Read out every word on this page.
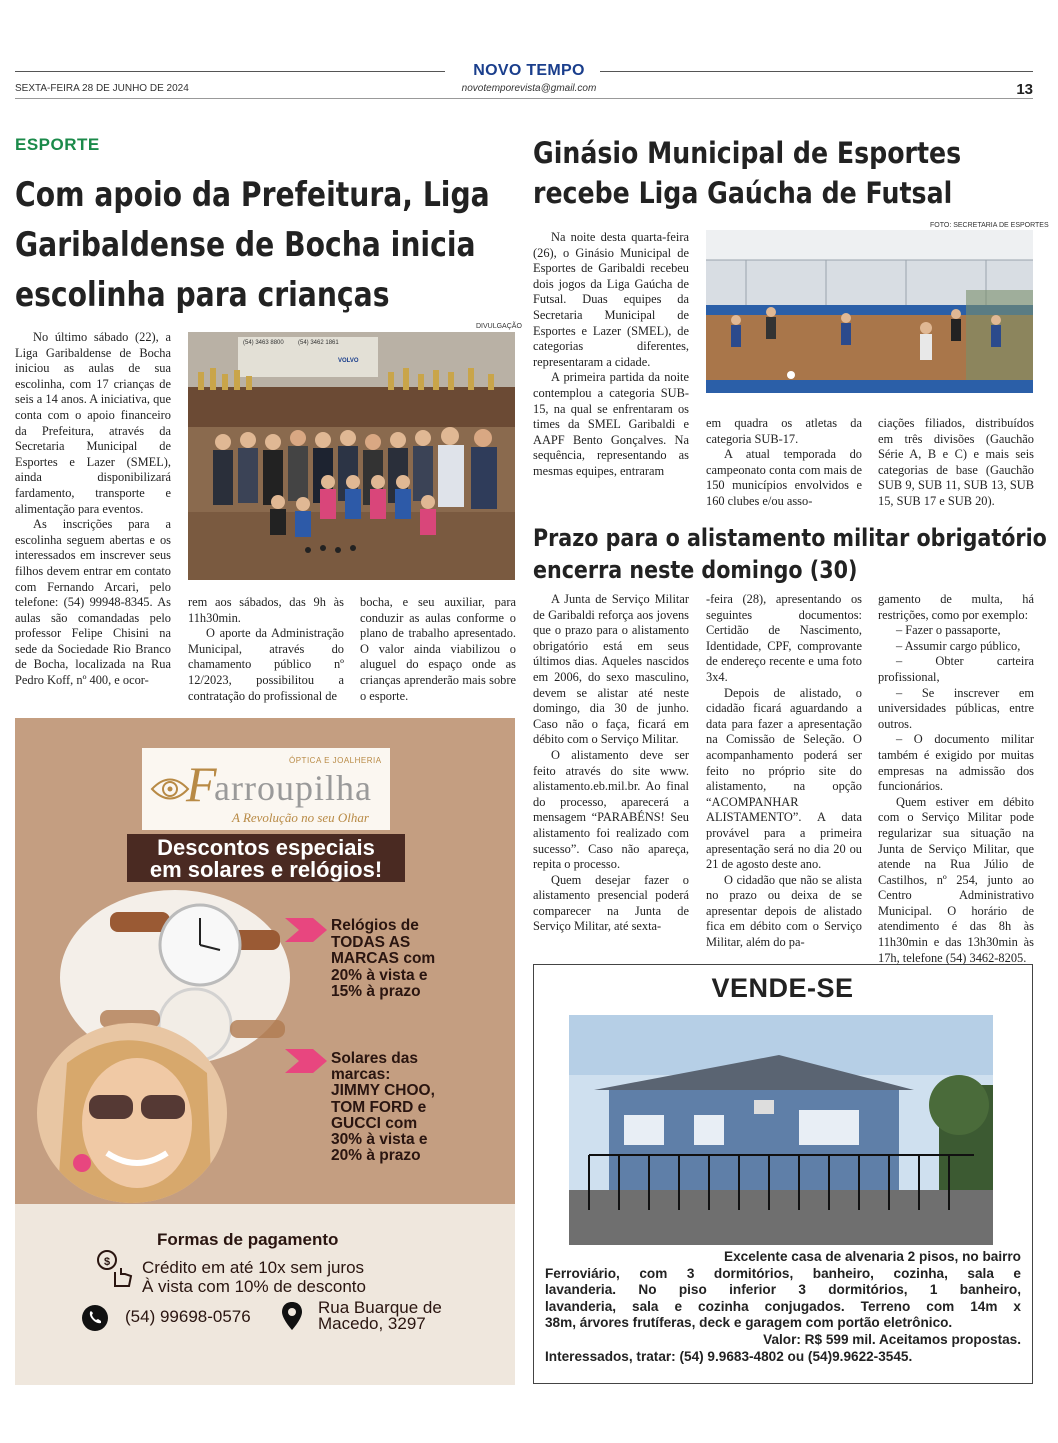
NOVO TEMPO
SEXTA-FEIRA 28 DE JUNHO DE 2024	novotemporevista@gmail.com	13
ESPORTE
Com apoio da Prefeitura, Liga
Garibaldense de Bocha inicia
escolinha para crianças
DIVULGAÇÃO
(54) 3463 8800 (54) 3462 1861
VOLVO

No último sábado (22), a Liga Garibaldense de Bocha iniciou as aulas de sua escolinha, com 17 crianças de seis a 14 anos. A iniciativa, que conta com o apoio financeiro da Prefeitura, através da Secretaria Municipal de Esportes e Lazer (SMEL), ainda disponibilizará fardamento, transporte e alimentação para eventos.

As inscrições para a escolinha seguem abertas e os interessados em inscrever seus filhos devem entrar em contato com Fernando Arcari, pelo telefone: (54) 99948-8345. As aulas são comandadas pelo professor Felipe Chisini na sede da Sociedade Rio Branco de Bocha, localizada na Rua Pedro Koff, nº 400, e ocor-

rem aos sábados, das 9h às 11h30min.

O aporte da Administração Municipal, através do chamamento público nº 12/2023, possibilitou a contratação do profissional de

bocha, e seu auxiliar, para conduzir as aulas conforme o plano de trabalho apresentado. O valor ainda viabilizou o aluguel do espaço onde as crianças aprenderão mais sobre o esporte.

Ginásio Municipal de Esportes
recebe Liga Gaúcha de Futsal
FOTO: SECRETARIA DE ESPORTES

Na noite desta quarta-feira (26), o Ginásio Municipal de Esportes de Garibaldi recebeu dois jogos da Liga Gaúcha de Futsal. Duas equipes da Secretaria Municipal de Esportes e Lazer (SMEL), de categorias diferentes, representaram a cidade.

A primeira partida da noite contemplou a categoria SUB-15, na qual se enfrentaram os times da SMEL Garibaldi e AAPF Bento Gonçalves. Na sequência, representando as mesmas equipes, entraram

em quadra os atletas da categoria SUB-17.

A atual temporada do campeonato conta com mais de 150 municípios envolvidos e 160 clubes e/ou asso-

ciações filiados, distribuídos em três divisões (Gauchão Série A, B e C) e mais seis categorias de base (Gauchão SUB 9, SUB 11, SUB 13, SUB 15, SUB 17 e SUB 20).

Prazo para o alistamento militar obrigatório
encerra neste domingo (30)

A Junta de Serviço Militar de Garibaldi reforça aos jovens que o prazo para o alistamento obrigatório está em seus últimos dias. Aqueles nascidos em 2006, do sexo masculino, devem se alistar até neste domingo, dia 30 de junho. Caso não o faça, ficará em débito com o Serviço Militar.

O alistamento deve ser feito através do site www. alistamento.eb.mil.br. Ao final do processo, aparecerá a mensagem “PARABÉNS! Seu alistamento foi realizado com sucesso”. Caso não apareça, repita o processo.

Quem desejar fazer o alistamento presencial poderá comparecer na Junta de Serviço Militar, até sexta-

-feira (28), apresentando os seguintes documentos: Certidão de Nascimento, Identidade, CPF, comprovante de endereço recente e uma foto 3x4.

Depois de alistado, o cidadão ficará aguardando a data para fazer a apresentação na Comissão de Seleção. O acompanhamento poderá ser feito no próprio site do alistamento, na opção “ACOMPANHAR ALISTAMENTO”. A data provável para a primeira apresentação será no dia 20 ou 21 de agosto deste ano.

O cidadão que não se alista no prazo ou deixa de se apresentar depois de alistado fica em débito com o Serviço Militar, além do pa-

gamento de multa, há restrições, como por exemplo:

– Fazer o passaporte,

– Assumir cargo público,

– Obter carteira profissional,

– Se inscrever em universidades públicas, entre outros.

– O documento militar também é exigido por muitas empresas na admissão dos funcionários.

Quem estiver em débito com o Serviço Militar pode regularizar sua situação na Junta de Serviço Militar, que atende na Rua Júlio de Castilhos, nº 254, junto ao Centro Administrativo Municipal. O horário de atendimento é das 8h às 11h30min e das 13h30min às 17h, telefone (54) 3462-8205.

F	ÓPTICA E JOALHERIA
arroupilha
A Revolução no seu Olhar
Descontos especiais
em solares e relógios!
Relógios de
TODAS AS
MARCAS com
20% à vista e
15% à prazo
Solares das
marcas:
JIMMY CHOO,
TOM FORD e
GUCCI com
30% à vista e
20% à prazo
Formas de pagamento
$ Crédito em até 10x sem juros
À vista com 10% de desconto
(54) 99698-0576	Rua Buarque de
Macedo, 3297
VENDE-SE
Excelente casa de alvenaria 2 pisos, no bairro
Ferroviário, com 3 dormitórios, banheiro, cozinha, sala e
lavanderia. No piso inferior 3 dormitórios, 1 banheiro,
lavanderia, sala e cozinha conjugados. Terreno com 14m x
38m, árvores frutíferas, deck e garagem com portão eletrônico.
Valor: R$ 599 mil. Aceitamos propostas.
Interessados, tratar: (54) 9.9683-4802 ou (54)9.9622-3545.
